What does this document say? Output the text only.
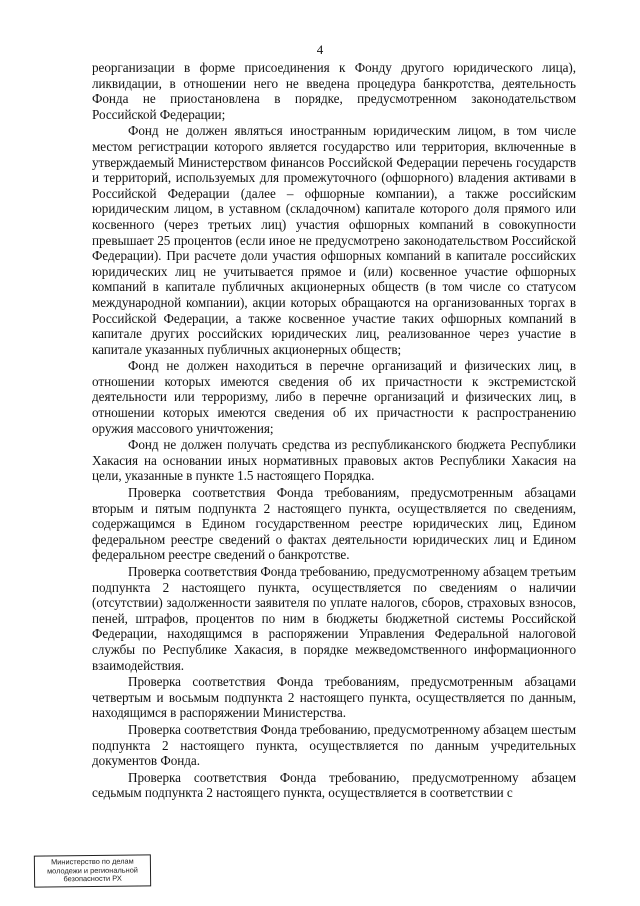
4

реорганизации в форме присоединения к Фонду другого юридического лица), ликвидации, в отношении него не введена процедура банкротства, деятельность Фонда не приостановлена в порядке, предусмотренном законодательством Российской Федерации;

Фонд не должен являться иностранным юридическим лицом, в том числе местом регистрации которого является государство или территория, включенные в утверждаемый Министерством финансов Российской Федерации перечень государств и территорий, используемых для промежуточного (офшорного) владения активами в Российской Федерации (далее – офшорные компании), а также российским юридическим лицом, в уставном (складочном) капитале которого доля прямого или косвенного (через третьих лиц) участия офшорных компаний в совокупности превышает 25 процентов (если иное не предусмотрено законодательством Российской Федерации). При расчете доли участия офшорных компаний в капитале российских юридических лиц не учитывается прямое и (или) косвенное участие офшорных компаний в капитале публичных акционерных обществ (в том числе со статусом международной компании), акции которых обращаются на организованных торгах в Российской Федерации, а также косвенное участие таких офшорных компаний в капитале других российских юридических лиц, реализованное через участие в капитале указанных публичных акционерных обществ;

Фонд не должен находиться в перечне организаций и физических лиц, в отношении которых имеются сведения об их причастности к экстремистской деятельности или терроризму, либо в перечне организаций и физических лиц, в отношении которых имеются сведения об их причастности к распространению оружия массового уничтожения;

Фонд не должен получать средства из республиканского бюджета Республики Хакасия на основании иных нормативных правовых актов Республики Хакасия на цели, указанные в пункте 1.5 настоящего Порядка.

Проверка соответствия Фонда требованиям, предусмотренным абзацами вторым и пятым подпункта 2 настоящего пункта, осуществляется по сведениям, содержащимся в Едином государственном реестре юридических лиц, Едином федеральном реестре сведений о фактах деятельности юридических лиц и Едином федеральном реестре сведений о банкротстве.

Проверка соответствия Фонда требованию, предусмотренному абзацем третьим подпункта 2 настоящего пункта, осуществляется по сведениям о наличии (отсутствии) задолженности заявителя по уплате налогов, сборов, страховых взносов, пеней, штрафов, процентов по ним в бюджеты бюджетной системы Российской Федерации, находящимся в распоряжении Управления Федеральной налоговой службы по Республике Хакасия, в порядке межведомственного информационного взаимодействия.

Проверка соответствия Фонда требованиям, предусмотренным абзацами четвертым и восьмым подпункта 2 настоящего пункта, осуществляется по данным, находящимся в распоряжении Министерства.

Проверка соответствия Фонда требованию, предусмотренному абзацем шестым подпункта 2 настоящего пункта, осуществляется по данным учредительных документов Фонда.

Проверка соответствия Фонда требованию, предусмотренному абзацем седьмым подпункта 2 настоящего пункта, осуществляется в соответствии с

Министерство по делам
молодежи и региональной
безопасности РХ
